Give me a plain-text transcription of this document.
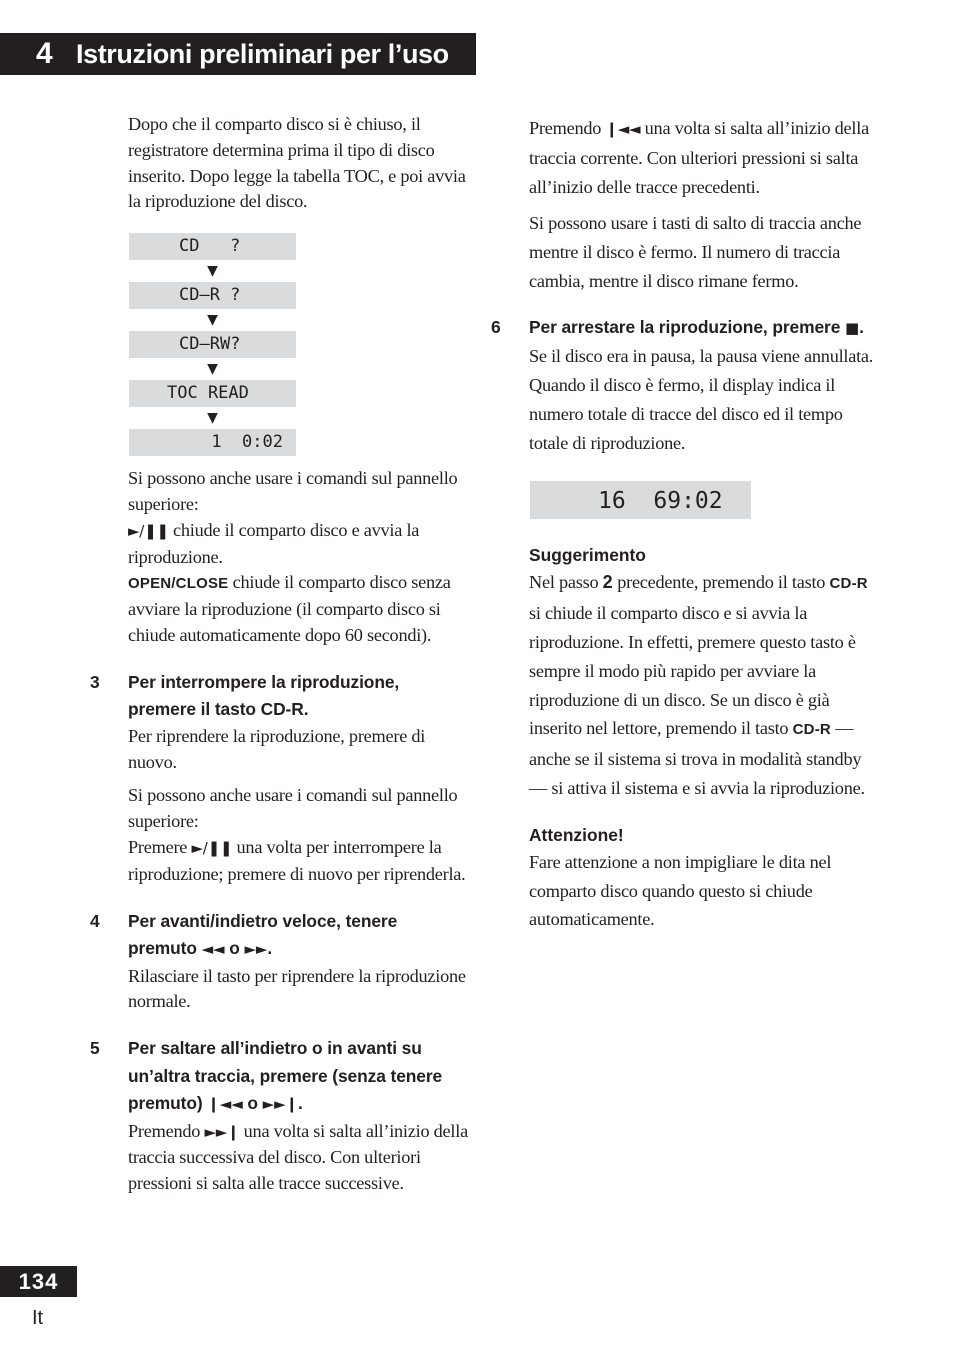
4 Istruzioni preliminari per l’uso

Dopo che il comparto disco si è chiuso, il registratore determina prima il tipo di disco inserito. Dopo legge la tabella TOC, e poi avvia la riproduzione del disco.

CD   ?
▼
CD–R ?
▼
CD–RW?
▼
TOC READ
▼
1  0:02

Si possono anche usare i comandi sul pannello superiore:

►/❚❚ chiude il comparto disco e avvia la riproduzione.

OPEN/CLOSE chiude il comparto disco senza avviare la riproduzione (il comparto disco si chiude automaticamente dopo 60 secondi).

3 Per interrompere la riproduzione, premere il tasto CD-R.

Per riprendere la riproduzione, premere di nuovo.

Si possono anche usare i comandi sul pannello superiore:

Premere ►/❚❚ una volta per interrompere la riproduzione; premere di nuovo per riprenderla.

4 Per avanti/indietro veloce, tenere premuto ◄◄ o ►►.

Rilasciare il tasto per riprendere la riproduzione normale.

5 Per saltare all’indietro o in avanti su un’altra traccia, premere (senza tenere premuto) ❙◄◄ o ►►❙.

Premendo ►►❙ una volta si salta all’inizio della traccia successiva del disco. Con ulteriori pressioni si salta alle tracce successive.

Premendo ❙◄◄ una volta si salta all’inizio della traccia corrente. Con ulteriori pressioni si salta all’inizio delle tracce precedenti.

Si possono usare i tasti di salto di traccia anche mentre il disco è fermo. Il numero di traccia cambia, mentre il disco rimane fermo.

6 Per arrestare la riproduzione, premere ■.

Se il disco era in pausa, la pausa viene annullata. Quando il disco è fermo, il display indica il numero totale di tracce del disco ed il tempo totale di riproduzione.

16  69:02
Suggerimento

Nel passo 2 precedente, premendo il tasto CD-R si chiude il comparto disco e si avvia la riproduzione. In effetti, premere questo tasto è sempre il modo più rapido per avviare la riproduzione di un disco. Se un disco è già inserito nel lettore, premendo il tasto CD-R — anche se il sistema si trova in modalità standby — si attiva il sistema e si avvia la riproduzione.

Attenzione!

Fare attenzione a non impigliare le dita nel comparto disco quando questo si chiude automaticamente.

134
It
